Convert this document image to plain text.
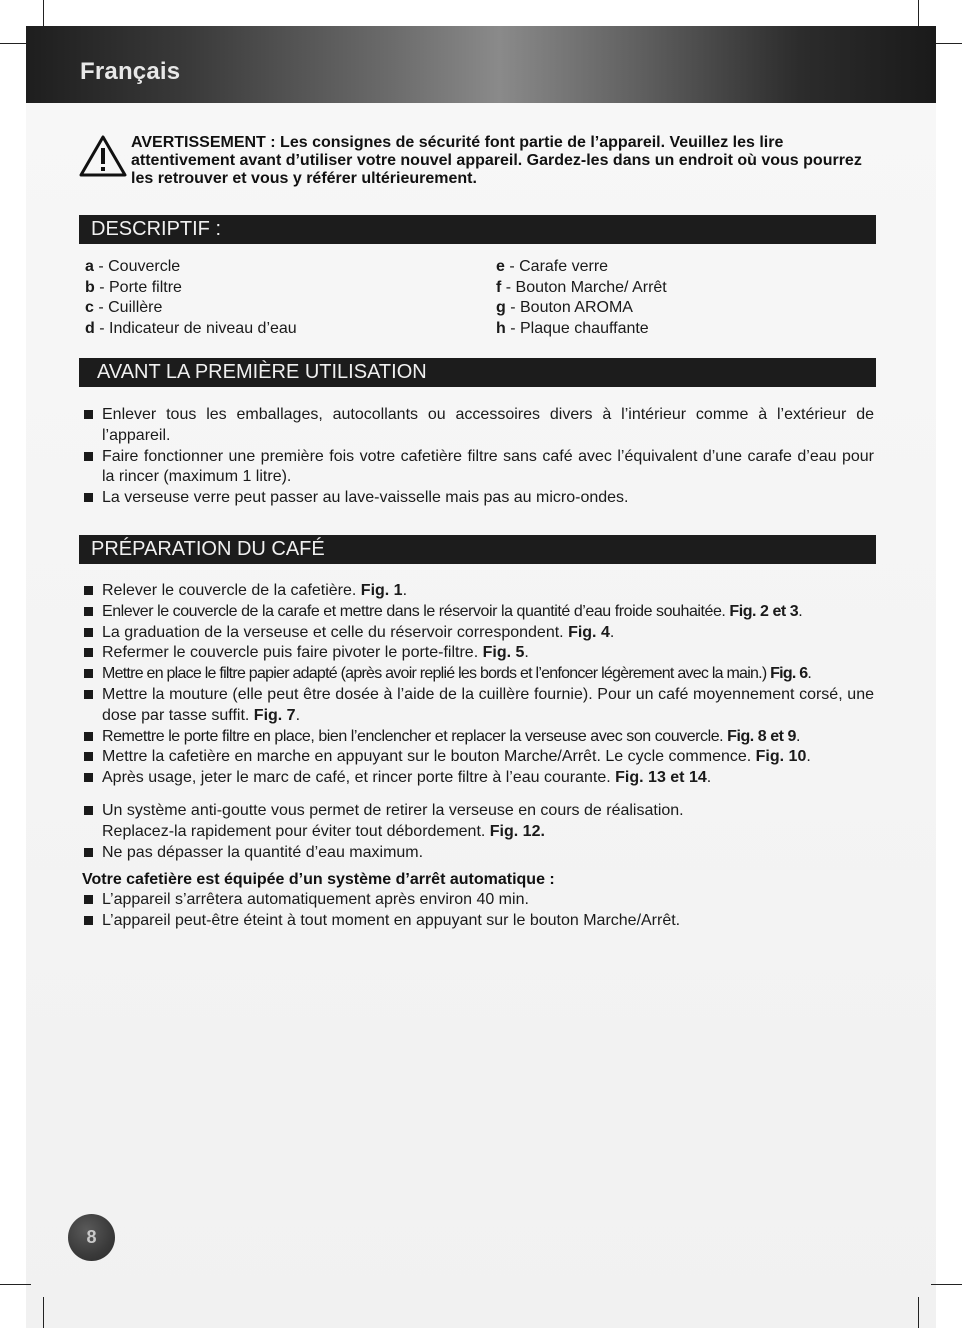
Français
AVERTISSEMENT : Les consignes de sécurité font partie de l’appareil. Veuillez les lire attentivement avant d’utiliser votre nouvel appareil. Gardez-les dans un endroit où vous pourrez les retrouver et vous y référer ultérieurement.
DESCRIPTIF :
a - Couvercle
b - Porte filtre
c - Cuillère
d - Indicateur de niveau d’eau
e - Carafe verre
f - Bouton Marche/ Arrêt
g - Bouton AROMA
h - Plaque chauffante
AVANT LA PREMIÈRE UTILISATION
Enlever tous les emballages, autocollants ou accessoires divers à l’intérieur comme à l’extérieur de l’appareil.
Faire fonctionner une première fois votre cafetière filtre sans café avec l’équivalent d’une carafe d’eau pour la rincer (maximum 1 litre).
La verseuse verre peut passer au lave-vaisselle mais pas au micro-ondes.
PRÉPARATION DU CAFÉ
Relever le couvercle de la cafetière. Fig. 1.
Enlever le couvercle de la carafe et mettre dans le réservoir la quantité d’eau froide souhaitée. Fig. 2 et 3.
La graduation de la verseuse et celle du réservoir correspondent. Fig. 4.
Refermer le couvercle puis faire pivoter le porte-filtre. Fig. 5.
Mettre en place le filtre papier adapté (après avoir replié les bords et l’enfoncer légèrement avec la main.) Fig. 6.
Mettre la mouture (elle peut être dosée à l’aide de la cuillère fournie). Pour un café moyennement corsé, une dose par tasse suffit. Fig. 7.
Remettre le porte filtre en place, bien l’enclencher et replacer la verseuse avec son couvercle. Fig. 8 et 9.
Mettre la cafetière en marche en appuyant sur le bouton Marche/Arrêt. Le cycle commence. Fig. 10.
Après usage, jeter le marc de café, et rincer porte filtre à l’eau courante. Fig. 13 et 14.
Un système anti-goutte vous permet de retirer la verseuse en cours de réalisation.
Replacez-la rapidement pour éviter tout débordement. Fig. 12.
Ne pas dépasser la quantité d’eau maximum.
Votre cafetière est équipée d’un système d’arrêt automatique :
L’appareil s’arrêtera automatiquement après environ 40 min.
L’appareil peut-être éteint à tout moment en appuyant sur le bouton Marche/Arrêt.
8
